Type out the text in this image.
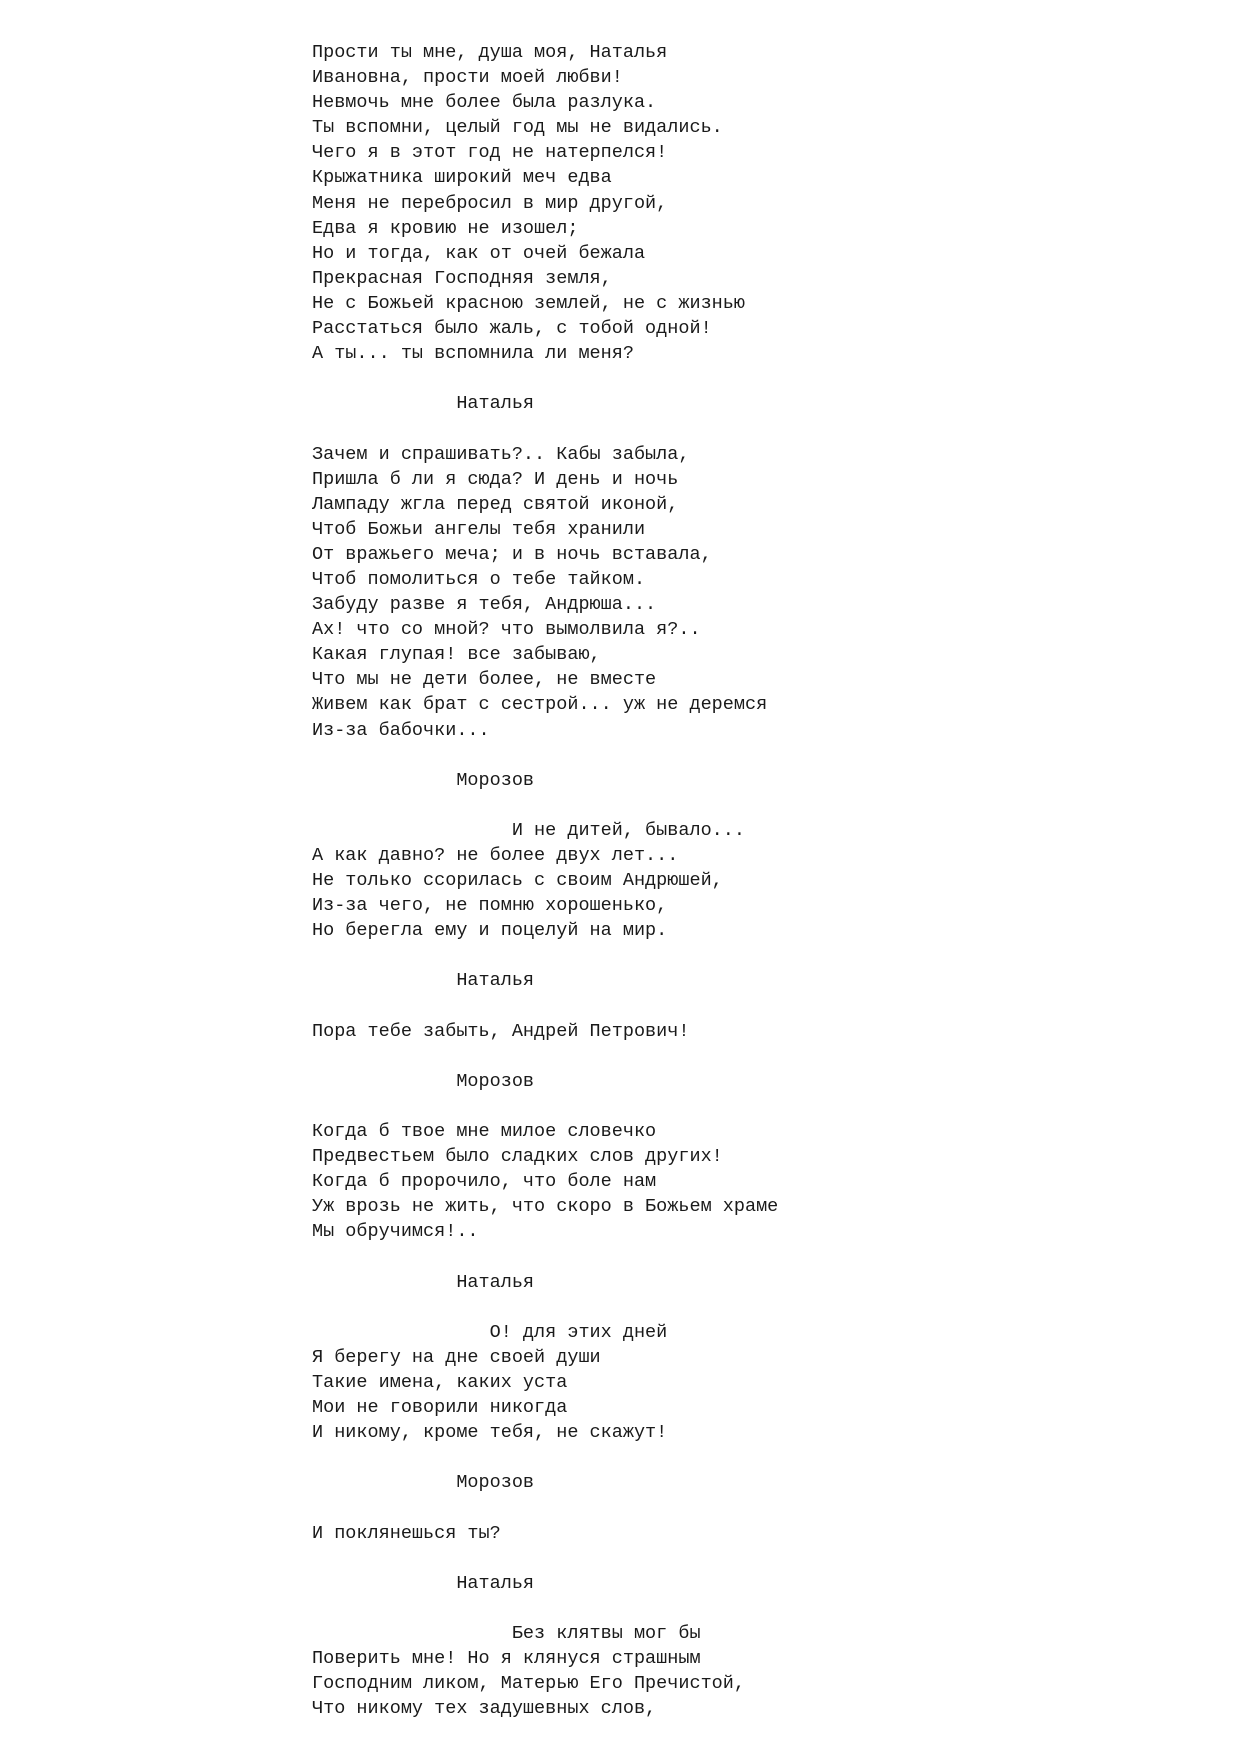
Прости ты мне, душа моя, Наталья
Ивановна, прости моей любви!
Невмочь мне более была разлука.
Ты вспомни, целый год мы не видались.
Чего я в этот год не натерпелся!
Крыжатника широкий меч едва
Меня не перебросил в мир другой,
Едва я кровию не изошел;
Но и тогда, как от очей бежала
Прекрасная Господняя земля,
Не с Божьей красною землей, не с жизнью
Расстаться было жаль, с тобой одной!
А ты... ты вспомнила ли меня?
Наталья
Зачем и спрашивать?.. Кабы забыла,
Пришла б ли я сюда? И день и ночь
Лампаду жгла перед святой иконой,
Чтоб Божьи ангелы тебя хранили
От вражьего меча; и в ночь вставала,
Чтоб помолиться о тебе тайком.
Забуду разве я тебя, Андрюша...
Ах! что со мной? что вымолвила я?..
Какая глупая! все забываю,
Что мы не дети более, не вместе
Живем как брат с сестрой... уж не деремся
Из-за бабочки...
Морозов
И не дитей, бывало...
А как давно? не более двух лет...
Не только ссорилась с своим Андрюшей,
Из-за чего, не помню хорошенько,
Но берегла ему и поцелуй на мир.
Наталья
Пора тебе забыть, Андрей Петрович!
Морозов
Когда б твое мне милое словечко
Предвестьем было сладких слов других!
Когда б пророчило, что боле нам
Уж врозь не жить, что скоро в Божьем храме
Мы обручимся!..
Наталья
O! для этих дней
Я берегу на дне своей души
Такие имена, каких уста
Мои не говорили никогда
И никому, кроме тебя, не скажут!
Морозов
И поклянешься ты?
Наталья
Без клятвы мог бы
Поверить мне! Но я клянуся страшным
Господним ликом, Матерью Его Пречистой,
Что никому тех задушевных слов,
